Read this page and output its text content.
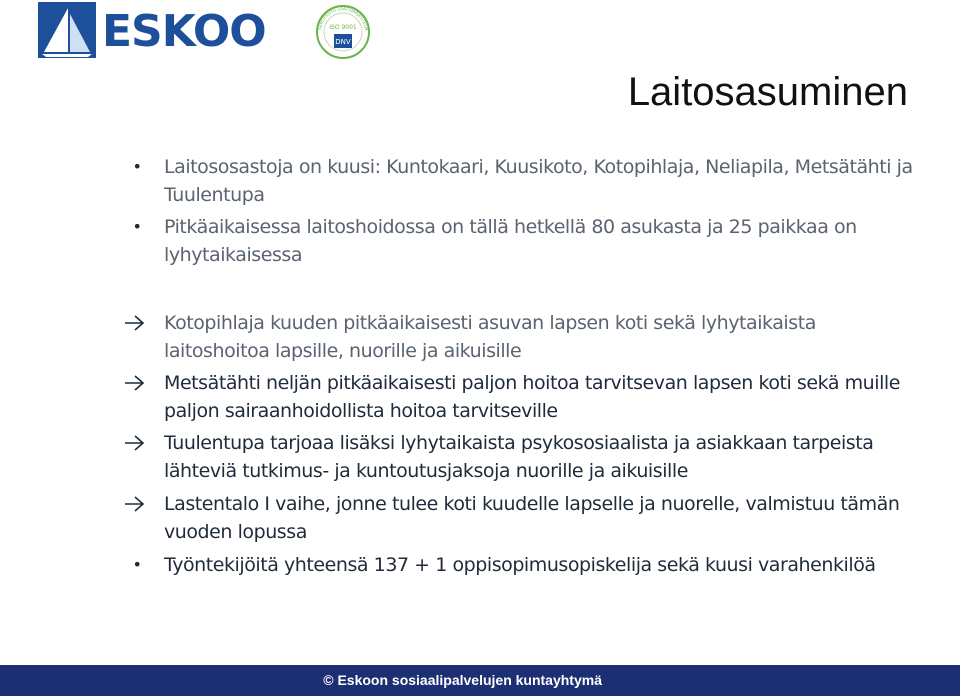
ESKOO	DNV
ISO 9001
SERTIFIOITU LAATUJÄRJESTELM
Laitosasuminen
•	Laitososastoja on kuusi: Kuntokaari, Kuusikoto, Kotopihlaja, Neliapila, Metsätähti ja Tuulentupa
•	Pitkäaikaisessa laitoshoidossa on tällä hetkellä 80 asukasta ja 25 paikkaa on lyhytaikaisessa
Kotopihlaja kuuden pitkäaikaisesti asuvan lapsen koti sekä lyhytaikaista laitoshoitoa lapsille, nuorille ja aikuisille
Metsätähti neljän pitkäaikaisesti paljon hoitoa tarvitsevan lapsen koti sekä muille paljon sairaanhoidollista hoitoa tarvitseville
Tuulentupa tarjoaa lisäksi lyhytaikaista psykososiaalista ja asiakkaan tarpeista lähteviä tutkimus- ja kuntoutusjaksoja nuorille ja aikuisille
Lastentalo I vaihe, jonne tulee koti kuudelle lapselle ja nuorelle, valmistuu tämän vuoden lopussa
•	Työntekijöitä yhteensä 137 + 1 oppisopimusopiskelija sekä kuusi varahenkilöä
© Eskoon sosiaalipalvelujen kuntayhtymä
